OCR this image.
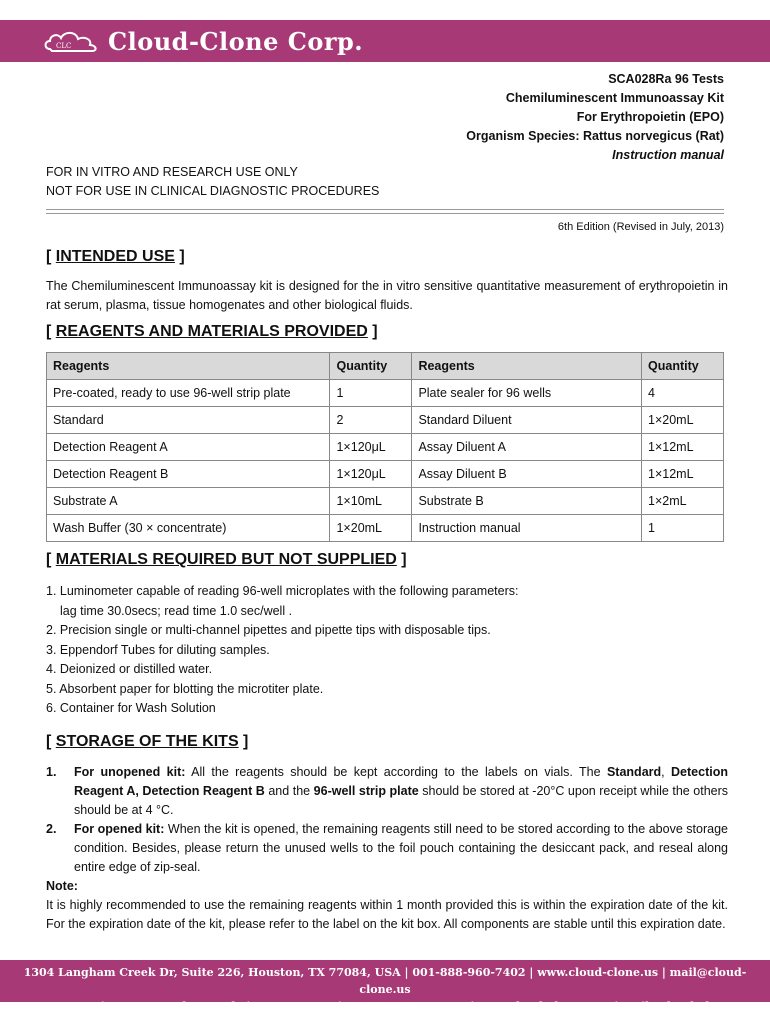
CLC Cloud-Clone Corp.
SCA028Ra 96 Tests
Chemiluminescent Immunoassay Kit
For Erythropoietin (EPO)
Organism Species: Rattus norvegicus (Rat)
Instruction manual
FOR IN VITRO AND RESEARCH USE ONLY
NOT FOR USE IN CLINICAL DIAGNOSTIC PROCEDURES
6th Edition (Revised in July, 2013)
[ INTENDED USE ]
The Chemiluminescent Immunoassay kit is designed for the in vitro sensitive quantitative measurement of erythropoietin in rat serum, plasma, tissue homogenates and other biological fluids.
[ REAGENTS AND MATERIALS PROVIDED ]
Reagents	Quantity	Reagents	Quantity
Pre-coated, ready to use 96-well strip plate	1	Plate sealer for 96 wells	4
Standard	2	Standard Diluent	1×20mL
Detection Reagent A	1×120μL	Assay Diluent A	1×12mL
Detection Reagent B	1×120μL	Assay Diluent B	1×12mL
Substrate A	1×10mL	Substrate B	1×2mL
Wash Buffer (30 × concentrate)	1×20mL	Instruction manual	1
[ MATERIALS REQUIRED BUT NOT SUPPLIED ]
1. Luminometer capable of reading 96-well microplates with the following parameters:
lag time 30.0secs; read time 1.0 sec/well .
2. Precision single or multi-channel pipettes and pipette tips with disposable tips.
3. Eppendorf Tubes for diluting samples.
4. Deionized or distilled water.
5. Absorbent paper for blotting the microtiter plate.
6. Container for Wash Solution
[ STORAGE OF THE KITS ]
1.	For unopened kit: All the reagents should be kept according to the labels on vials. The Standard, Detection Reagent A, Detection Reagent B and the 96-well strip plate should be stored at -20°C upon receipt while the others should be at 4 °C.
2.	For opened kit: When the kit is opened, the remaining reagents still need to be stored according to the above storage condition. Besides, please return the unused wells to the foil pouch containing the desiccant pack, and reseal along entire edge of zip-seal.
Note:
It is highly recommended to use the remaining reagents within 1 month provided this is within the expiration date of the kit. For the expiration date of the kit, please refer to the label on the kit box. All components are stable until this expiration date.
1304 Langham Creek Dr, Suite 226, Houston, TX 77084, USA | 001-888-960-7402 | www.cloud-clone.us | mail@cloud-clone.us
Export Processing Zone, Wuhan, Hubei 430056, PRC | 0086-800-880-0687 | www.cloud-clone.com | mail@cloud-clone.com
